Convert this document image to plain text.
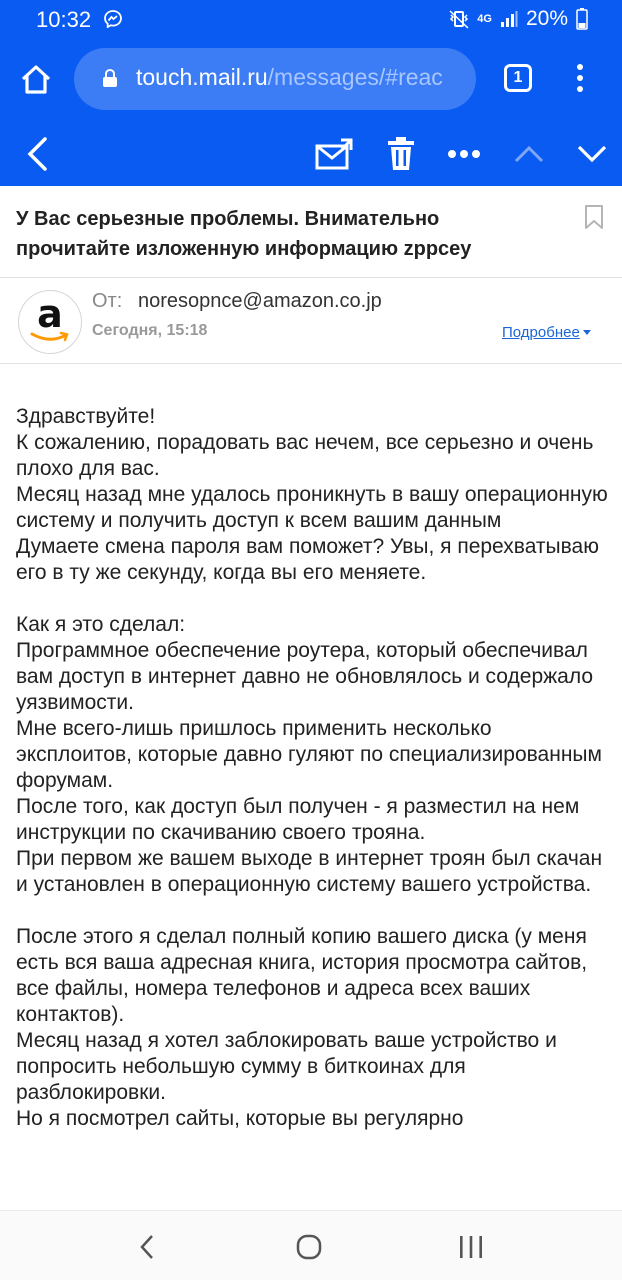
10:32	4G 20%
touch.mail.ru/messages/#reac	1
У Вас серьезные проблемы. Внимательно прочитайте изложенную информацию zppcey
a От: noresopnce@amazon.co.jp
Сегодня, 15:18	Подробнее

Здравствуйте!

К сожалению, порадовать вас нечем, все серьезно и очень плохо для вас.

Месяц назад мне удалось проникнуть в вашу операционную систему и получить доступ к всем вашим данным

Думаете смена пароля вам поможет? Увы, я перехватываю его в ту же секунду, когда вы его меняете.

Как я это сделал:

Программное обеспечение роутера, который обеспечивал вам доступ в интернет давно не обновлялось и содержало уязвимости.

Мне всего-лишь пришлось применить несколько эксплоитов, которые давно гуляют по специализированным форумам.

После того, как доступ был получен - я разместил на нем инструкции по скачиванию своего трояна.

При первом же вашем выходе в интернет троян был скачан и установлен в операционную систему вашего устройства.

После этого я сделал полный копию вашего диска (у меня есть вся ваша адресная книга, история просмотра сайтов, все файлы, номера телефонов и адреса всех ваших контактов).

Месяц назад я хотел заблокировать ваше устройство и попросить небольшую сумму в биткоинах для разблокировки.

Но я посмотрел сайты, которые вы регулярно
